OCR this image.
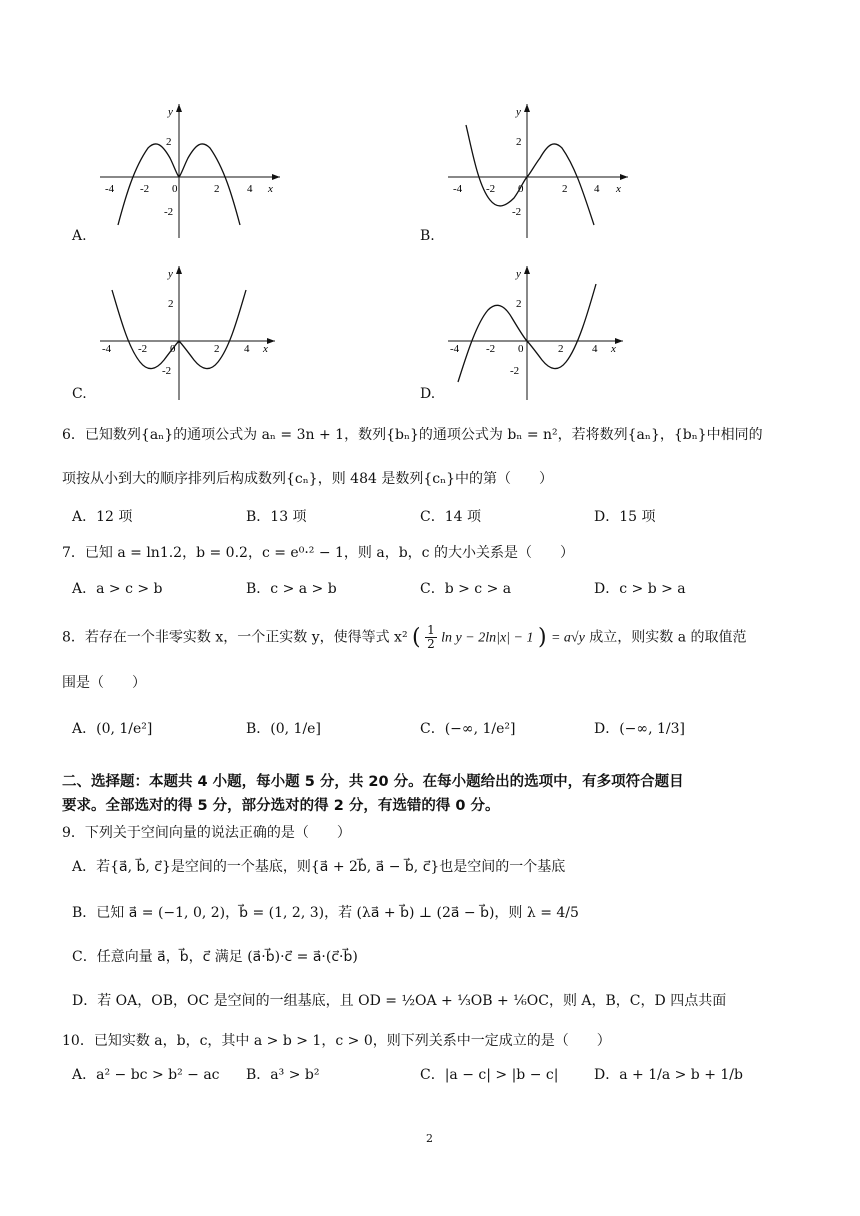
A.
y
x
2
-2
-4 -2 0	2	4
B.
y
x
2
-2
-4 -2 0	2 4
C.
y
x
2
-2
-4 -2 0	2 4
D.
y
x
2
-2
-4 -2 0	2	4
6．已知数列{aₙ}的通项公式为 aₙ = 3n + 1，数列{bₙ}的通项公式为 bₙ = n²，若将数列{aₙ}，{bₙ}中相同的
项按从小到大的顺序排列后构成数列{cₙ}，则 484 是数列{cₙ}中的第（　　）
A．12 项	B．13 项	C．14 项	D．15 项
7．已知 a = ln1.2，b = 0.2，c = e⁰·² − 1，则 a，b，c 的大小关系是（　　）
A．a > c > b	B．c > a > b	C．b > c > a	D．c > b > a
8．若存在一个非零实数 x，一个正实数 y，使得等式 x² ( $\frac{1}{2}$ ln y − 2ln|x| − 1 ) = a√y 成立，则实数 a 的取值范
围是（　　）
A．(0, 1/e²]	B．(0, 1/e]	C．(−∞, 1/e²]	D．(−∞, 1/3]
二、选择题：本题共 4 小题，每小题 5 分，共 20 分。在每小题给出的选项中，有多项符合题目
要求。全部选对的得 5 分，部分选对的得 2 分，有选错的得 0 分。
9．下列关于空间向量的说法正确的是（　　）
A．若{a⃗, b⃗, c⃗}是空间的一个基底，则{a⃗ + 2b⃗, a⃗ − b⃗, c⃗}也是空间的一个基底
B．已知 a⃗ = (−1, 0, 2)，b⃗ = (1, 2, 3)，若 (λa⃗ + b⃗) ⊥ (2a⃗ − b⃗)，则 λ = 4/5
C．任意向量 a⃗，b⃗，c⃗ 满足 (a⃗·b⃗)·c⃗ = a⃗·(c⃗·b⃗)
D．若 OA，OB，OC 是空间的一组基底，且 OD = ½OA + ⅓OB + ⅙OC，则 A，B，C，D 四点共面
10．已知实数 a，b，c，其中 a > b > 1，c > 0，则下列关系中一定成立的是（　　）
A．a² − bc > b² − ac B．a³ > b²	C．|a − c| > |b − c|	D．a + 1/a > b + 1/b
2
